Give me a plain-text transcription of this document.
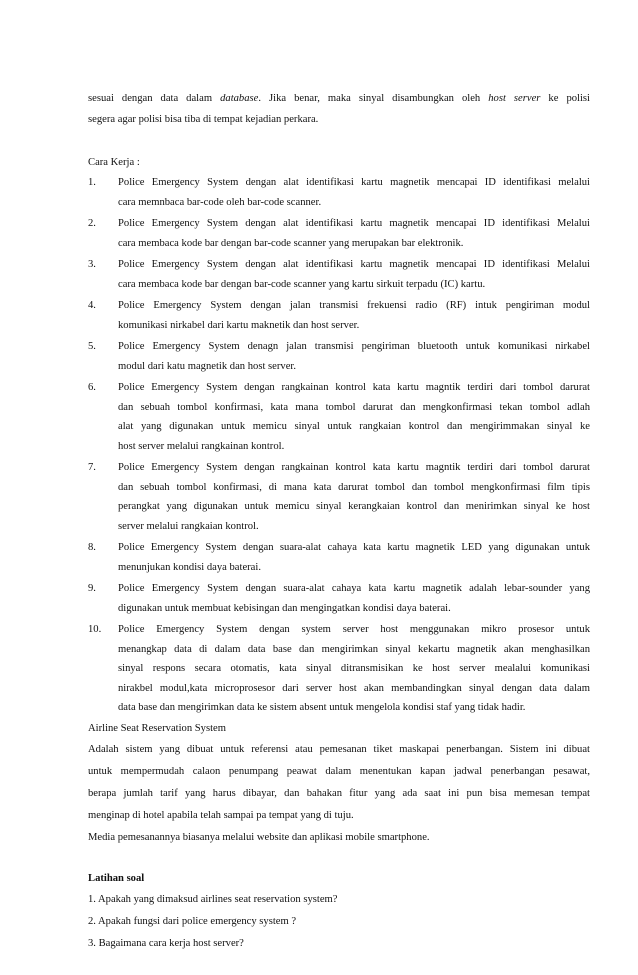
sesuai dengan data dalam database. Jika benar, maka sinyal disambungkan oleh host server ke polisi

segera agar polisi bisa tiba di tempat kejadian perkara.

Cara Kerja :

1. Police Emergency System dengan alat identifikasi kartu magnetik mencapai ID identifikasi melalui
cara memnbaca bar-code oleh bar-code scanner.
2. Police Emergency System dengan alat identifikasi kartu magnetik mencapai ID identifikasi Melalui
cara membaca kode bar dengan bar-code scanner yang merupakan bar elektronik.
3. Police Emergency System dengan alat identifikasi kartu magnetik mencapai ID identifikasi Melalui
cara membaca kode bar dengan bar-code scanner yang kartu sirkuit terpadu (IC) kartu.
4. Police Emergency System dengan jalan transmisi frekuensi radio (RF) intuk pengiriman modul
komunikasi nirkabel dari kartu maknetik dan host server.
5. Police Emergency System denagn jalan transmisi pengiriman bluetooth untuk komunikasi nirkabel
modul dari katu magnetik dan host server.
6. Police Emergency System dengan rangkainan kontrol kata kartu magntik terdiri dari tombol darurat
dan sebuah tombol konfirmasi, kata mana tombol darurat dan mengkonfirmasi tekan tombol adlah
alat yang digunakan untuk memicu sinyal untuk rangkaian kontrol dan mengirimmakan sinyal ke
host server melalui rangkainan kontrol.
7. Police Emergency System dengan rangkainan kontrol kata kartu magntik terdiri dari tombol darurat
dan sebuah tombol konfirmasi, di mana kata darurat tombol dan tombol mengkonfirmasi film tipis
perangkat yang digunakan untuk memicu sinyal kerangkaian kontrol dan menirimkan sinyal ke host
server melalui rangkaian kontrol.
8. Police Emergency System dengan suara-alat cahaya kata kartu magnetik LED yang digunakan untuk
menunjukan kondisi daya baterai.
9. Police Emergency System dengan suara-alat cahaya kata kartu magnetik adalah lebar-sounder yang
digunakan untuk membuat kebisingan dan mengingatkan kondisi daya baterai.
10. Police Emergency System dengan system server host menggunakan mikro prosesor untuk
menangkap data di dalam data base dan mengirimkan sinyal kekartu magnetik akan menghasilkan
sinyal respons secara otomatis, kata sinyal ditransmisikan ke host server mealalui komunikasi
nirakbel modul,kata microprosesor dari server host akan membandingkan sinyal dengan data dalam
data base dan mengirimkan data ke sistem absent untuk mengelola kondisi staf yang tidak hadir.

Airline Seat Reservation System

Adalah sistem yang dibuat untuk referensi atau pemesanan tiket maskapai penerbangan. Sistem ini dibuat
untuk mempermudah calaon penumpang peawat dalam menentukan kapan jadwal penerbangan pesawat,
berapa jumlah tarif yang harus dibayar, dan bahakan fitur yang ada saat ini pun bisa memesan tempat
menginap di hotel apabila telah sampai pa tempat yang di tuju.

Media pemesanannya biasanya melalui website dan aplikasi mobile smartphone.

Latihan soal

1. Apakah yang dimaksud airlines seat reservation system?
2. Apakah fungsi dari police emergency system ?
3. Bagaimana cara kerja host server?
